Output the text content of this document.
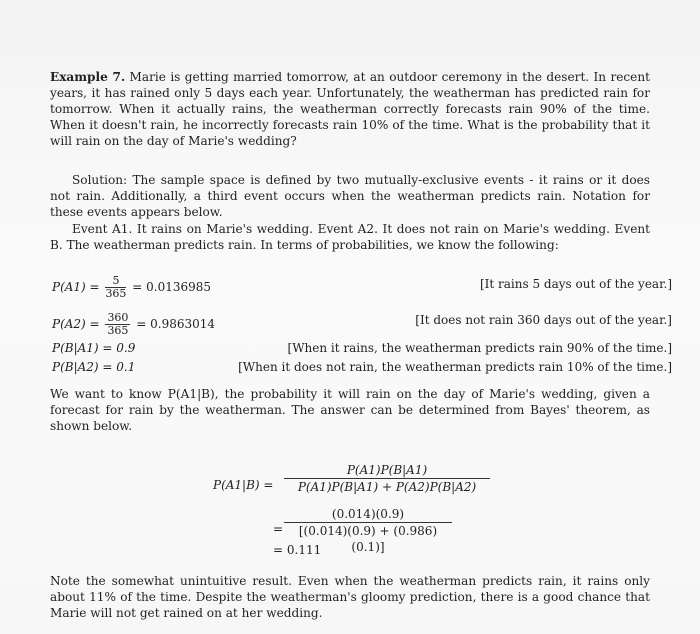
Example 7. Marie is getting married tomorrow, at an outdoor ceremony in the desert. In recent years, it has rained only 5 days each year. Unfortunately, the weatherman has predicted rain for tomorrow. When it actually rains, the weatherman correctly forecasts rain 90% of the time. When it doesn't rain, he incorrectly forecasts rain 10% of the time. What is the probability that it will rain on the day of Marie's wedding?

Solution: The sample space is defined by two mutually-exclusive events - it rains or it does not rain. Additionally, a third event occurs when the weatherman predicts rain. Notation for these events appears below.

Event A1. It rains on Marie's wedding. Event A2. It does not rain on Marie's wedding. Event B. The weatherman predicts rain. In terms of probabilities, we know the following:

$P(A1) = \frac{5}{365} = 0.0136985$	[It rains 5 days out of the year.]
$P(A2) = \frac{360}{365} = 0.9863014$	[It does not rain 360 days out of the year.]
P(B|A1) = 0.9	[When it rains, the weatherman predicts rain 90% of the time.]
P(B|A2) = 0.1	[When it does not rain, the weatherman predicts rain 10% of the time.]

We want to know P(A1|B), the probability it will rain on the day of Marie's wedding, given a forecast for rain by the weatherman. The answer can be determined from Bayes' theorem, as shown below.

$P(A1|B) = \frac{P(A1)P(B|A1)}{P(A1)P(B|A1) + P(A2)P(B|A2)}$
= $\frac{(0.014)(0.9)}{[(0.014)(0.9) + (0.986)(0.1)]}$
= 0.111

Note the somewhat unintuitive result. Even when the weatherman predicts rain, it rains only about 11% of the time. Despite the weatherman's gloomy prediction, there is a good chance that Marie will not get rained on at her wedding.
